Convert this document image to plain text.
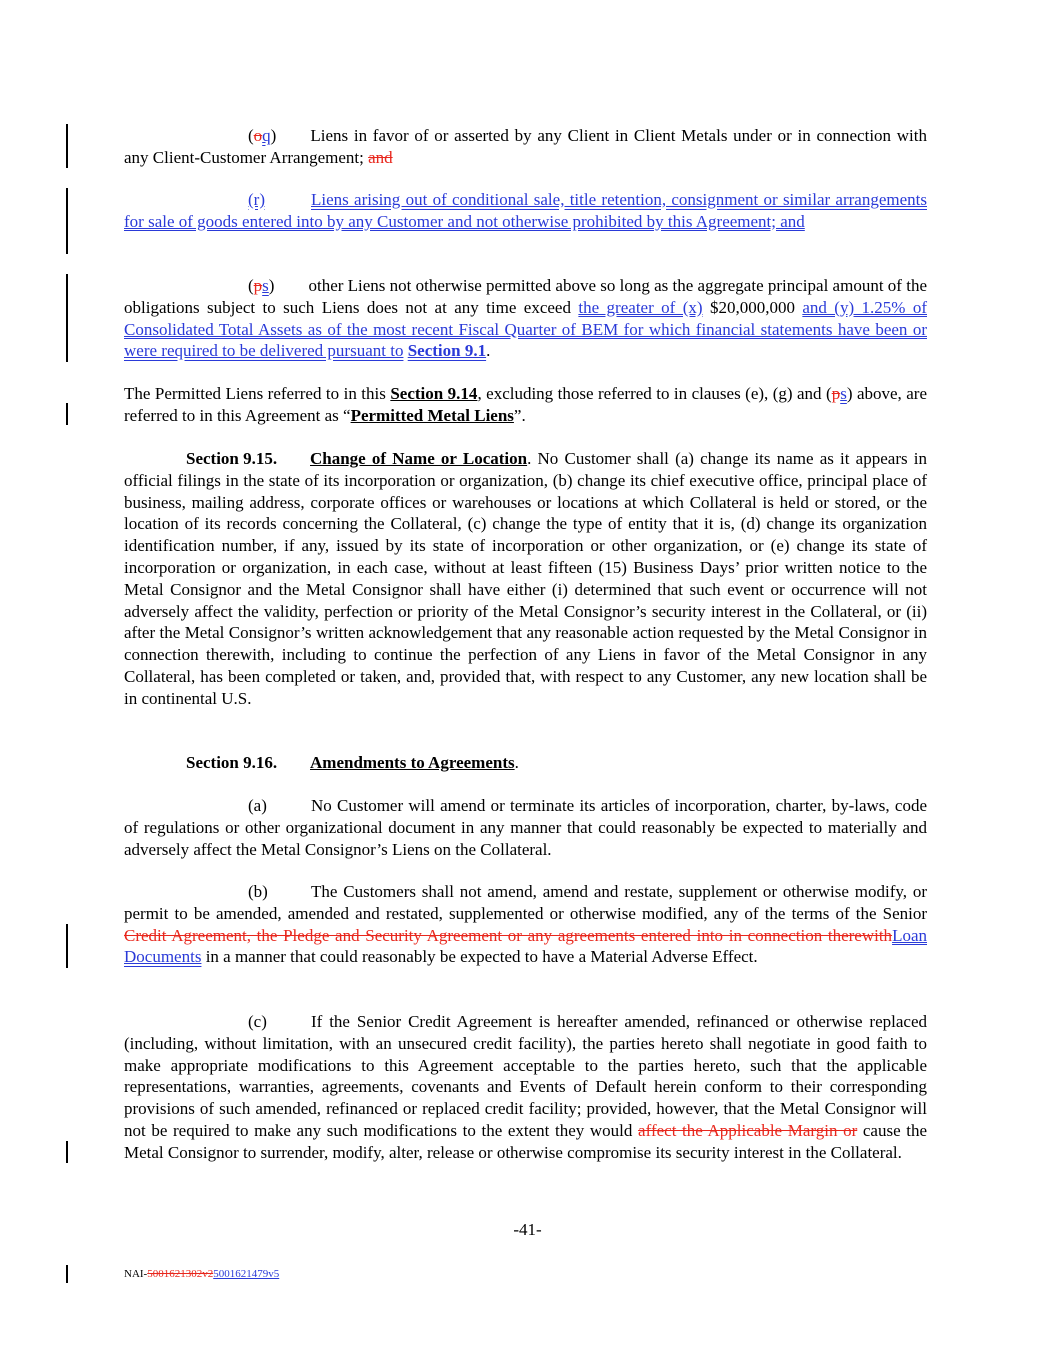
(oq) Liens in favor of or asserted by any Client in Client Metals under or in connection with any Client-Customer Arrangement; and
(r)	Liens arising out of conditional sale, title retention, consignment or similar arrangements for sale of goods entered into by any Customer and not otherwise prohibited by this Agreement; and
(ps) other Liens not otherwise permitted above so long as the aggregate principal amount of the obligations subject to such Liens does not at any time exceed the greater of (x) $20,000,000 and (y) 1.25% of Consolidated Total Assets as of the most recent Fiscal Quarter of BEM for which financial statements have been or were required to be delivered pursuant to Section 9.1.
The Permitted Liens referred to in this Section 9.14, excluding those referred to in clauses (e), (g) and (ps) above, are referred to in this Agreement as “Permitted Metal Liens”.
Section 9.15. Change of Name or Location. No Customer shall (a) change its name as it appears in official filings in the state of its incorporation or organization, (b) change its chief executive office, principal place of business, mailing address, corporate offices or warehouses or locations at which Collateral is held or stored, or the location of its records concerning the Collateral, (c) change the type of entity that it is, (d) change its organization identification number, if any, issued by its state of incorporation or other organization, or (e) change its state of incorporation or organization, in each case, without at least fifteen (15) Business Days’ prior written notice to the Metal Consignor and the Metal Consignor shall have either (i) determined that such event or occurrence will not adversely affect the validity, perfection or priority of the Metal Consignor’s security interest in the Collateral, or (ii) after the Metal Consignor’s written acknowledgement that any reasonable action requested by the Metal Consignor in connection therewith, including to continue the perfection of any Liens in favor of the Metal Consignor in any Collateral, has been completed or taken, and, provided that, with respect to any Customer, any new location shall be in continental U.S.
Section 9.16. Amendments to Agreements.
(a)	No Customer will amend or terminate its articles of incorporation, charter, by-laws, code of regulations or other organizational document in any manner that could reasonably be expected to materially and adversely affect the Metal Consignor’s Liens on the Collateral.
(b)	The Customers shall not amend, amend and restate, supplement or otherwise modify, or permit to be amended, amended and restated, supplemented or otherwise modified, any of the terms of the Senior Credit Agreement, the Pledge and Security Agreement or any agreements entered into in connection therewithLoan Documents in a manner that could reasonably be expected to have a Material Adverse Effect.
(c)	If the Senior Credit Agreement is hereafter amended, refinanced or otherwise replaced (including, without limitation, with an unsecured credit facility), the parties hereto shall negotiate in good faith to make appropriate modifications to this Agreement acceptable to the parties hereto, such that the applicable representations, warranties, agreements, covenants and Events of Default herein conform to their corresponding provisions of such amended, refinanced or replaced credit facility; provided, however, that the Metal Consignor will not be required to make any such modifications to the extent they would affect the Applicable Margin or cause the Metal Consignor to surrender, modify, alter, release or otherwise compromise its security interest in the Collateral.
-41-
NAI-5001621302v25001621479v5
